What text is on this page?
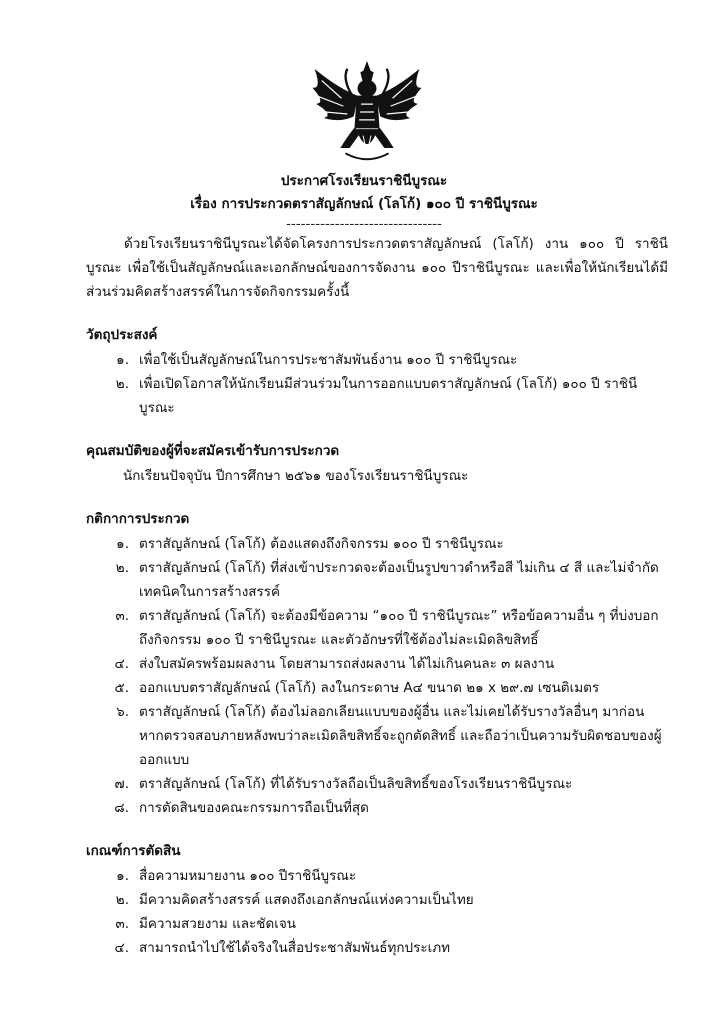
ประกาศโรงเรียนราชินีบูรณะ
เรื่อง การประกวดตราสัญลักษณ์ (โลโก้) ๑๐๐ ปี ราชินีบูรณะ
--------------------------------

ด้วยโรงเรียนราชินีบูรณะได้จัดโครงการประกวดตราสัญลักษณ์ (โลโก้) งาน ๑๐๐ ปี ราชินีบูรณะ เพื่อใช้เป็นสัญลักษณ์และเอกลักษณ์ของการจัดงาน ๑๐๐ ปีราชินีบูรณะ และเพื่อให้นักเรียนได้มีส่วนร่วมคิดสร้างสรรค์ในการจัดกิจกรรมครั้งนี้

วัตถุประสงค์
๑. เพื่อใช้เป็นสัญลักษณ์ในการประชาสัมพันธ์งาน ๑๐๐ ปี ราชินีบูรณะ
๒. เพื่อเปิดโอกาสให้นักเรียนมีส่วนร่วมในการออกแบบตราสัญลักษณ์ (โลโก้) ๑๐๐ ปี ราชินีบูรณะ
คุณสมบัติของผู้ที่จะสมัครเข้ารับการประกวด

นักเรียนปัจจุบัน ปีการศึกษา ๒๕๖๑ ของโรงเรียนราชินีบูรณะ

กติกาการประกวด
๑. ตราสัญลักษณ์ (โลโก้) ต้องแสดงถึงกิจกรรม ๑๐๐ ปี ราชินีบูรณะ
๒. ตราสัญลักษณ์ (โลโก้) ที่ส่งเข้าประกวดจะต้องเป็นรูปขาวดำหรือสี ไม่เกิน ๔ สี และไม่จำกัดเทคนิคในการสร้างสรรค์
๓. ตราสัญลักษณ์ (โลโก้) จะต้องมีข้อความ “๑๐๐ ปี ราชินีบูรณะ” หรือข้อความอื่น ๆ ที่บ่งบอกถึงกิจกรรม ๑๐๐ ปี ราชินีบูรณะ และตัวอักษรที่ใช้ต้องไม่ละเมิดลิขสิทธิ์
๔. ส่งใบสมัครพร้อมผลงาน โดยสามารถส่งผลงาน ได้ไม่เกินคนละ ๓ ผลงาน
๕. ออกแบบตราสัญลักษณ์ (โลโก้) ลงในกระดาษ A๔ ขนาด ๒๑ x ๒๙.๗ เซนติเมตร
๖. ตราสัญลักษณ์ (โลโก้) ต้องไม่ลอกเลียนแบบของผู้อื่น และไม่เคยได้รับรางวัลอื่นๆ มาก่อน หากตรวจสอบภายหลังพบว่าละเมิดลิขสิทธิ์จะถูกตัดสิทธิ์ และถือว่าเป็นความรับผิดชอบของผู้ออกแบบ
๗. ตราสัญลักษณ์ (โลโก้) ที่ได้รับรางวัลถือเป็นลิขสิทธิ์ของโรงเรียนราชินีบูรณะ
๘. การตัดสินของคณะกรรมการถือเป็นที่สุด
เกณฑ์การตัดสิน
๑. สื่อความหมายงาน ๑๐๐ ปีราชินีบูรณะ
๒. มีความคิดสร้างสรรค์ แสดงถึงเอกลักษณ์แห่งความเป็นไทย
๓. มีความสวยงาม และชัดเจน
๔. สามารถนำไปใช้ได้จริงในสื่อประชาสัมพันธ์ทุกประเภท
